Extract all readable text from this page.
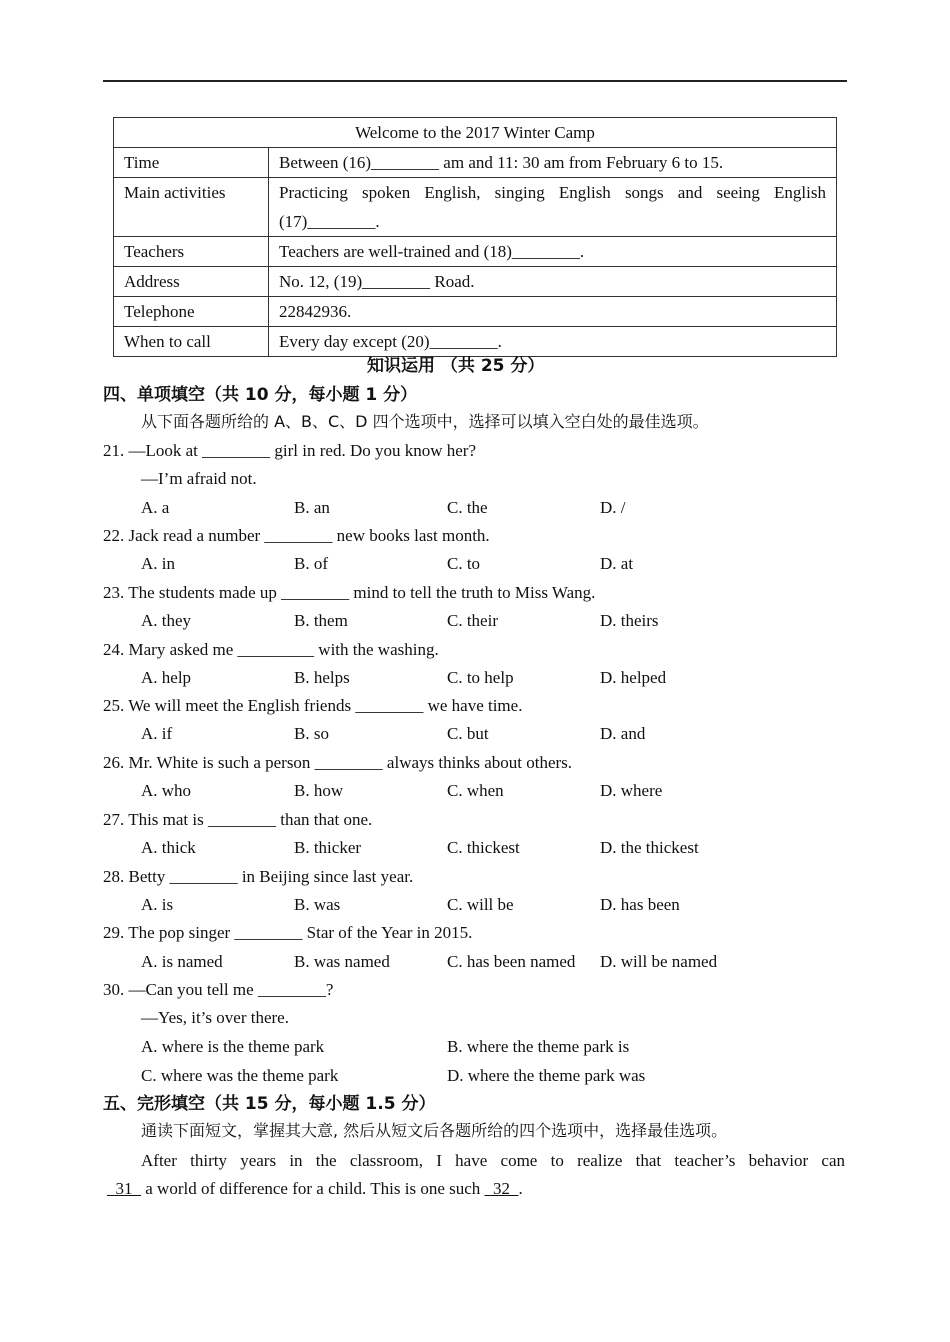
Welcome to the 2017 Winter Camp	
Time	Between (16)________ am and 11: 30 am from February 6 to 15.
Main activities	Practicing spoken English, singing English songs and seeing English (17)________.
Teachers	Teachers are well-trained and (18)________.
Address	No. 12, (19)________ Road.
Telephone	22842936.
When to call	Every day except (20)________.
知识运用 （共 25 分）
四、单项填空（共 10 分，每小题 1 分）
从下面各题所给的 A、B、C、D 四个选项中，选择可以填入空白处的最佳选项。
21. —Look at ________ girl in red. Do you know her?
—I’m afraid not.
A. a	B. an	C. the	D. /
22. Jack read a number ________ new books last month.
A. in	B. of	C. to	D. at
23. The students made up ________ mind to tell the truth to Miss Wang.
A. they	B. them	C. their	D. theirs
24. Mary asked me _________ with the washing.
A. help	B. helps	C. to help	D. helped
25. We will meet the English friends ________ we have time.
A. if	B. so	C. but	D. and
26. Mr. White is such a person ________ always thinks about others.
A. who	B. how	C. when	D. where
27. This mat is ________ than that one.
A. thick	B. thicker	C. thickest	D. the thickest
28. Betty ________ in Beijing since last year.
A. is	B. was	C. will be	D. has been
29. The pop singer ________ Star of the Year in 2015.
A. is named	B. was named	C. has been named D. will be named
30. —Can you tell me ________?
—Yes, it’s over there.
A. where is the theme park	B. where the theme park is
C. where was the theme park	D. where the theme park was
五、完形填空（共 15 分，每小题 1.5 分）
通读下面短文，掌握其大意, 然后从短文后各题所给的四个选项中，选择最佳选项。
After thirty years in the classroom, I have come to realize that teacher’s behavior can
31   a world of difference for a child. This is one such   32  .
